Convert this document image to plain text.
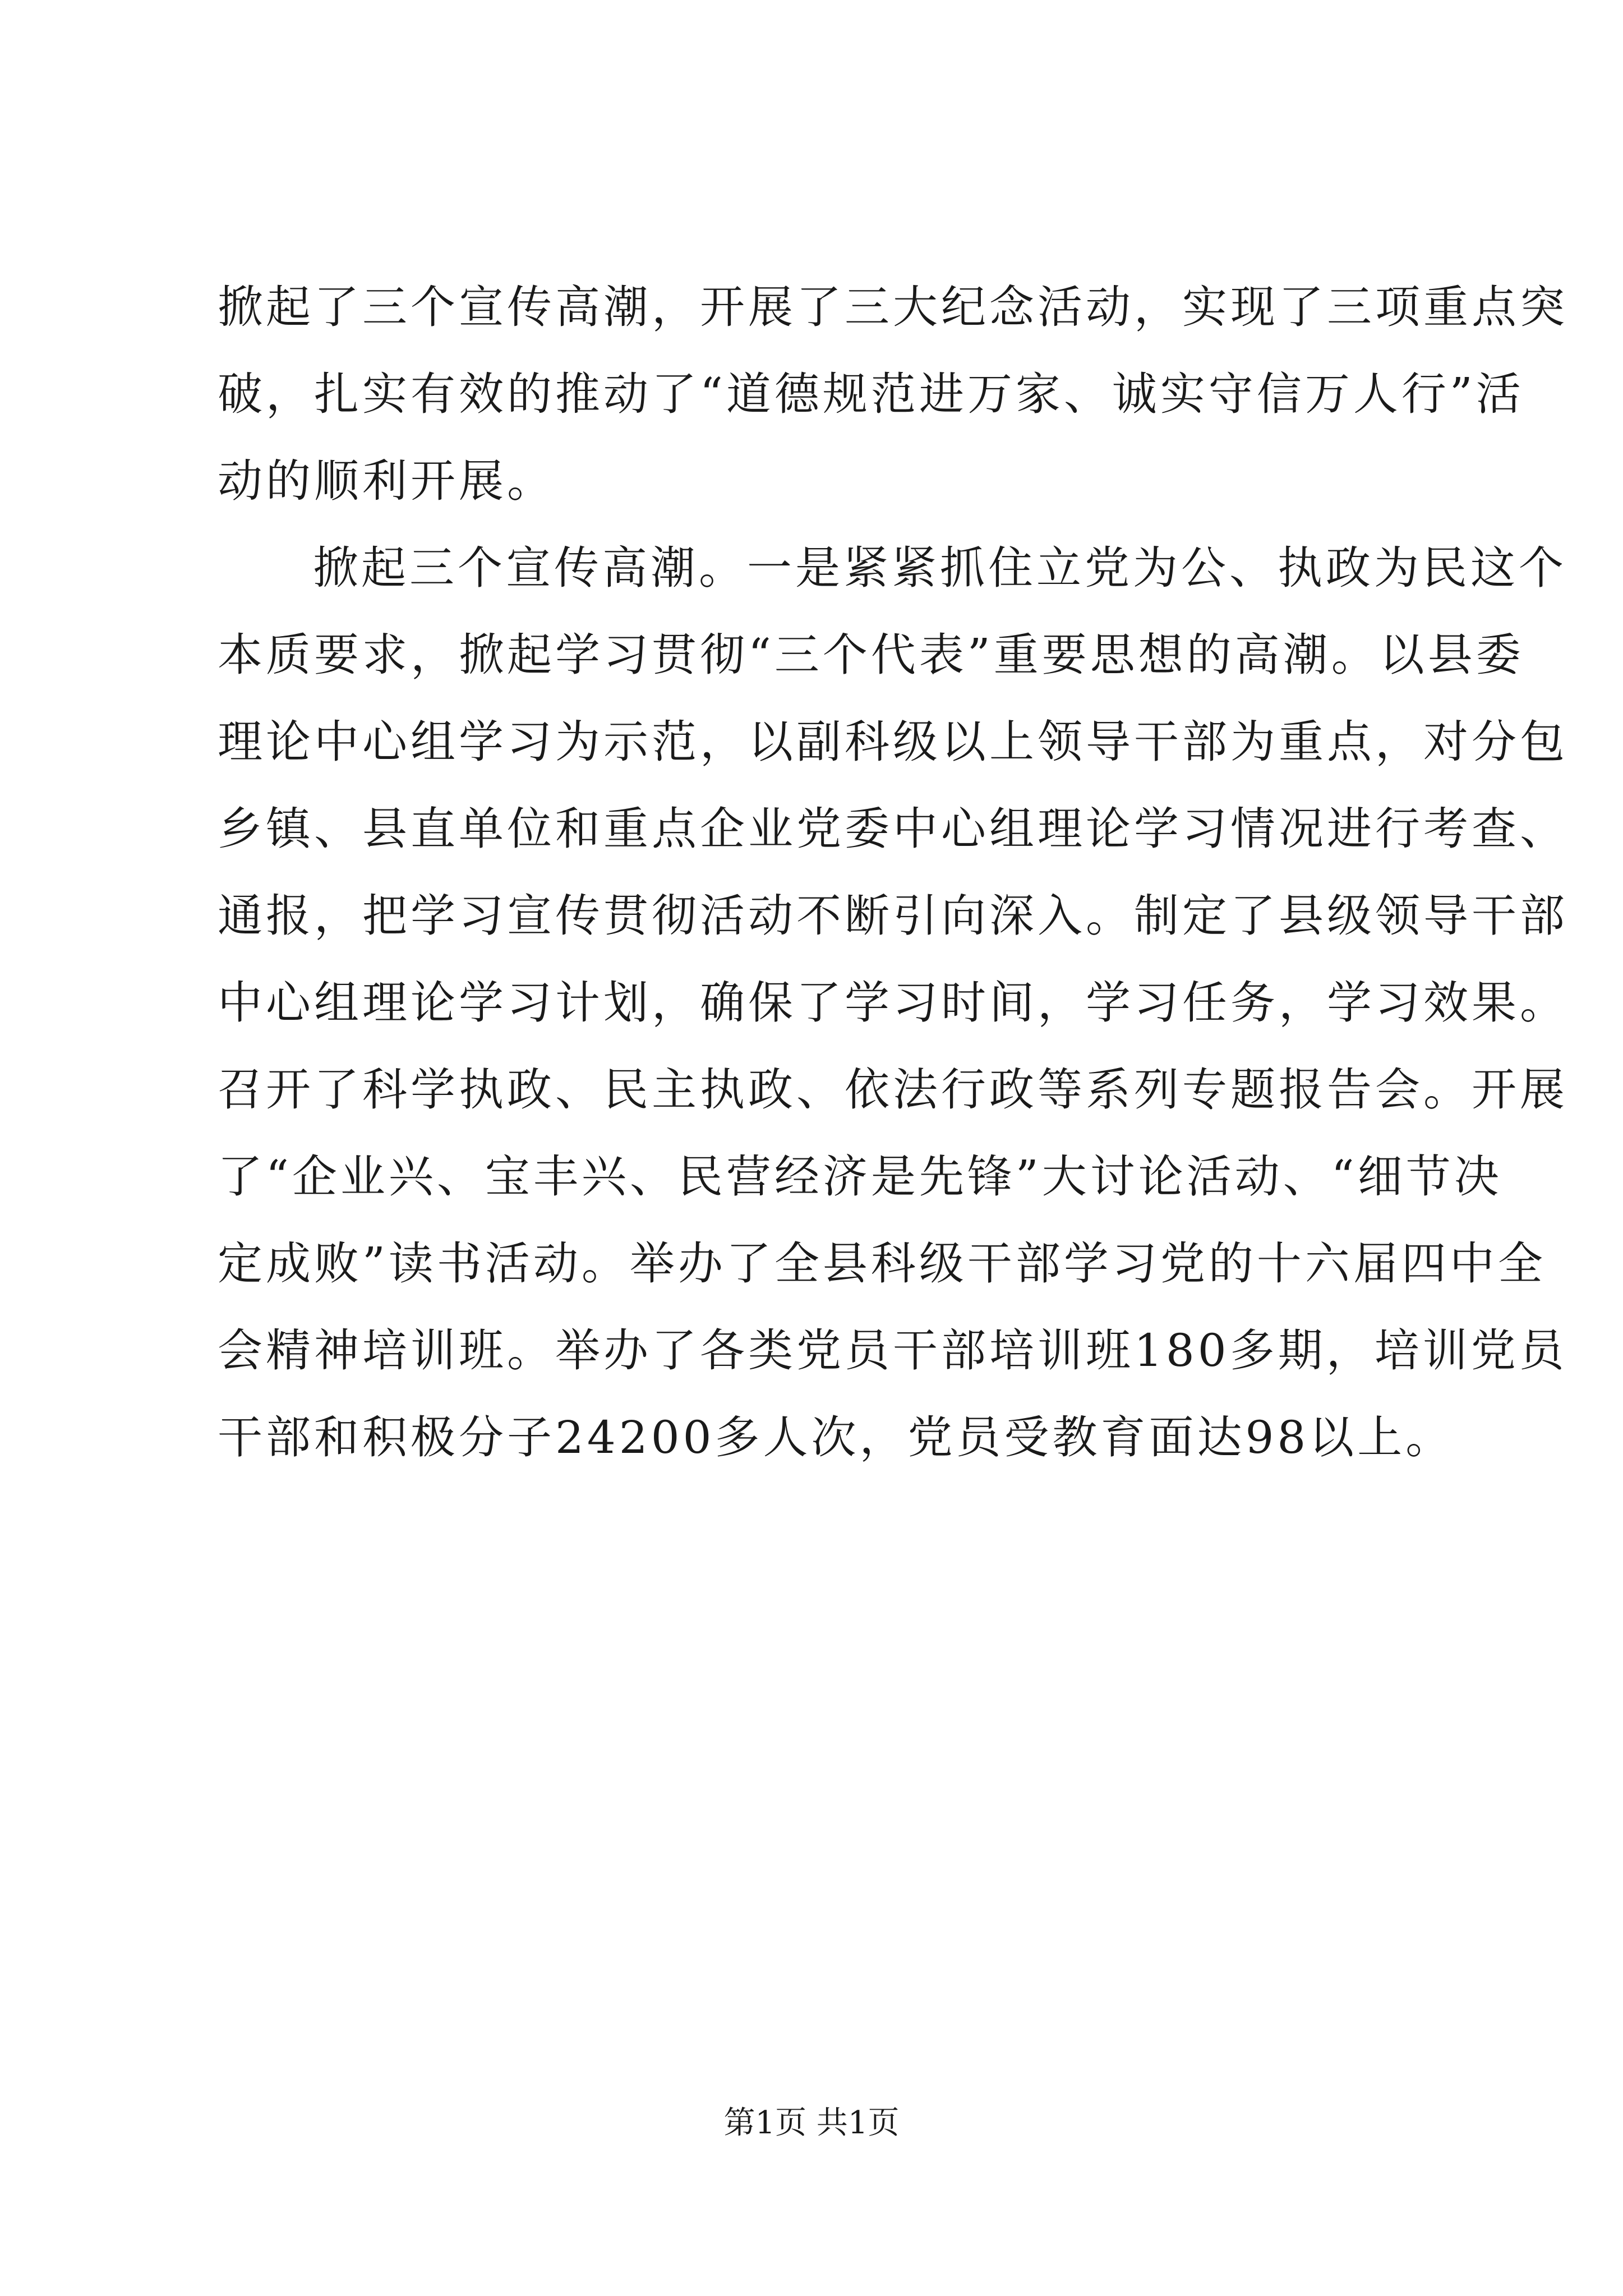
掀起了三个宣传高潮，开展了三大纪念活动，实现了三项重点突
破，扎实有效的推动了“道德规范进万家、诚实守信万人行”活
动的顺利开展。
掀起三个宣传高潮。一是紧紧抓住立党为公、执政为民这个
本质要求，掀起学习贯彻“三个代表”重要思想的高潮。以县委
理论中心组学习为示范，以副科级以上领导干部为重点，对分包
乡镇、县直单位和重点企业党委中心组理论学习情况进行考查、
通报，把学习宣传贯彻活动不断引向深入。制定了县级领导干部
中心组理论学习计划，确保了学习时间，学习任务，学习效果。
召开了科学执政、民主执政、依法行政等系列专题报告会。开展
了“企业兴、宝丰兴、民营经济是先锋”大讨论活动、“细节决
定成败”读书活动。举办了全县科级干部学习党的十六届四中全
会精神培训班。举办了各类党员干部培训班180多期，培训党员
干部和积极分子24200多人次，党员受教育面达98以上。
第1页 共1页
